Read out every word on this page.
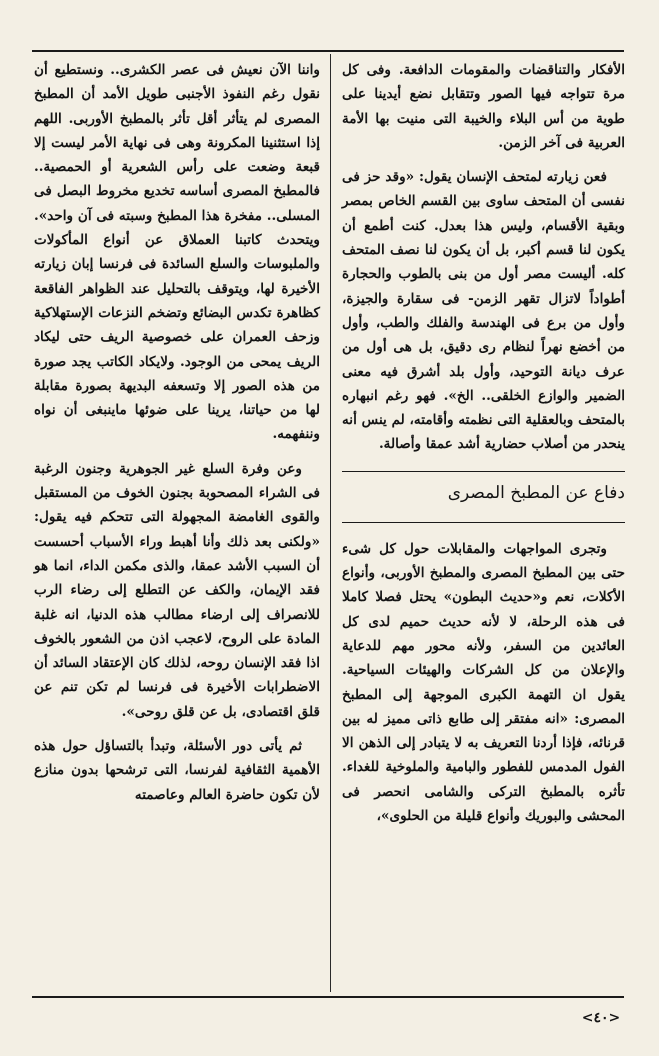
الأفكار والتناقضات والمقومات الدافعة. وفى كل مرة تتواجه فيها الصور وتتقابل نضع أيدينا على طوية من أس البلاء والخيبة التى منيت بها الأمة العربية فى آخر الزمن.

فعن زيارته لمتحف الإنسان يقول: «وقد حز فى نفسى أن المتحف ساوى بين القسم الخاص بمصر وبقية الأقسام، وليس هذا بعدل. كنت أطمع أن يكون لنا قسم أكبر، بل أن يكون لنا نصف المتحف كله. أليست مصر أول من بنى بالطوب والحجارة أطواداً لاتزال تقهر الزمن- فى سقارة والجيزة، وأول من برع فى الهندسة والفلك والطب، وأول من أخضع نهراً لنظام رى دقيق، بل هى أول من عرف ديانة التوحيد، وأول بلد أشرق فيه معنى الضمير والوازع الخلقى.. الخ». فهو رغم انبهاره بالمتحف وبالعقلية التى نظمته وأقامته، لم ينس أنه ينحدر من أصلاب حضارية أشد عمقا وأصالة.

دفاع عن المطبخ المصرى

وتجرى المواجهات والمقابلات حول كل شىء حتى بين المطبخ المصرى والمطبخ الأوربى، وأنواع الأكلات، نعم و«حديث البطون» يحتل فصلا كاملا فى هذه الرحلة، لا لأنه حديث حميم لدى كل العائدين من السفر، ولأنه محور مهم للدعاية والإعلان من كل الشركات والهيئات السياحية. يقول ان التهمة الكبرى الموجهة إلى المطبخ المصرى: «انه مفتقر إلى طابع ذاتى مميز له بين قرنائه، فإذا أردنا التعريف به لا يتبادر إلى الذهن الا الفول المدمس للفطور والبامية والملوخية للغداء. تأثره بالمطبخ التركى والشامى انحصر فى المحشى والبوريك وأنواع قليلة من الحلوى»،

واننا الآن نعيش فى عصر الكشرى.. ونستطيع أن نقول رغم النفوذ الأجنبى طويل الأمد أن المطبخ المصرى لم يتأثر أقل تأثر بالمطبخ الأوربى. اللهم إذا استثنينا المكرونة وهى فى نهاية الأمر ليست إلا قبعة وضعت على رأس الشعرية أو الحمصية.. فالمطبخ المصرى أساسه تخديع مخروط البصل فى المسلى.. مفخرة هذا المطبخ وسبته فى آن واحد». ويتحدث كاتبنا العملاق عن أنواع المأكولات والملبوسات والسلع السائدة فى فرنسا إبان زيارته الأخيرة لها، ويتوقف بالتحليل عند الظواهر الفاقعة كظاهرة تكدس البضائع وتضخم النزعات الإستهلاكية وزحف العمران على خصوصية الريف حتى ليكاد الريف يمحى من الوجود. ولايكاد الكاتب يجد صورة من هذه الصور إلا وتسعفه البديهة بصورة مقابلة لها من حياتنا، يرينا على ضوئها ماينبغى أن نواه وننفهمه.

وعن وفرة السلع غير الجوهرية وجنون الرغبة فى الشراء المصحوبة بجنون الخوف من المستقبل والقوى الغامضة المجهولة التى تتحكم فيه يقول: «ولكنى بعد ذلك وأنا أهبط وراء الأسباب أحسست أن السبب الأشد عمقا، والذى مكمن الداء، انما هو فقد الإيمان، والكف عن التطلع إلى رضاء الرب للانصراف إلى ارضاء مطالب هذه الدنيا، انه غلبة المادة على الروح، لاعجب اذن من الشعور بالخوف اذا فقد الإنسان روحه، لذلك كان الإعتقاد السائد أن الاضطرابات الأخيرة فى فرنسا لم تكن تنم عن قلق اقتصادى، بل عن قلق روحى».

ثم يأتى دور الأسئلة، وتبدأ بالتساؤل حول هذه الأهمية الثقافية لفرنسا، التى ترشحها بدون منازع لأن تكون حاضرة العالم وعاصمته

<٤٠>
